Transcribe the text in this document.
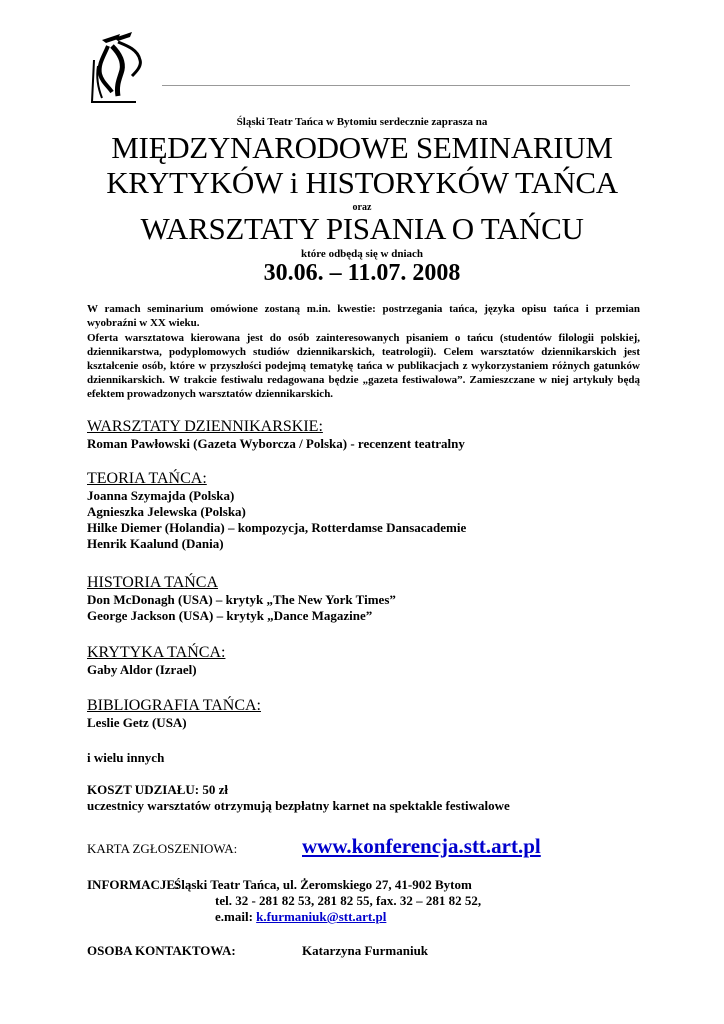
Śląski Teatr Tańca w Bytomiu serdecznie zaprasza na
MIĘDZYNARODOWE SEMINARIUM
KRYTYKÓW i HISTORYKÓW TAŃCA
oraz
WARSZTATY PISANIA O TAŃCU
które odbędą się w dniach
30.06. – 11.07. 2008

W ramach seminarium omówione zostaną m.in. kwestie: postrzegania tańca, języka opisu tańca i przemian wyobraźni w XX wieku.

Oferta warsztatowa kierowana jest do osób zainteresowanych pisaniem o tańcu (studentów filologii polskiej, dziennikarstwa, podyplomowych studiów dziennikarskich, teatrologii). Celem warsztatów dziennikarskich jest kształcenie osób, które w przyszłości podejmą tematykę tańca w publikacjach z wykorzystaniem różnych gatunków dziennikarskich. W trakcie festiwalu redagowana będzie „gazeta festiwalowa”. Zamieszczane w niej artykuły będą efektem prowadzonych warsztatów dziennikarskich.

WARSZTATY DZIENNIKARSKIE:
Roman Pawłowski (Gazeta Wyborcza / Polska) - recenzent teatralny
TEORIA TAŃCA:
Joanna Szymajda (Polska)
Agnieszka Jelewska (Polska)
Hilke Diemer (Holandia) – kompozycja, Rotterdamse Dansacademie
Henrik Kaalund (Dania)
HISTORIA TAŃCA
Don McDonagh (USA) – krytyk „The New York Times”
George Jackson (USA) – krytyk „Dance Magazine”
KRYTYKA TAŃCA:
Gaby Aldor (Izrael)
BIBLIOGRAFIA TAŃCA:
Leslie Getz (USA)
i wielu innych
KOSZT UDZIAŁU: 50 zł
uczestnicy warsztatów otrzymują bezpłatny karnet na spektakle festiwalowe
KARTA ZGŁOSZENIOWA:	www.konferencja.stt.art.pl
INFORMACJE:
Śląski Teatr Tańca, ul. Żeromskiego 27, 41-902 Bytom
tel. 32 - 281 82 53, 281 82 55, fax. 32 – 281 82 52,
e.mail: k.furmaniuk@stt.art.pl
OSOBA KONTAKTOWA:	Katarzyna Furmaniuk
